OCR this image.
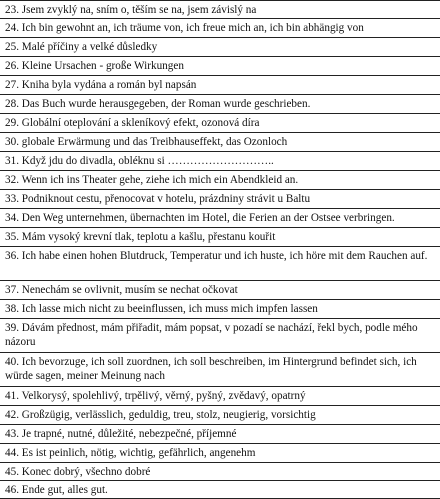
23. Jsem zvyklý na, sním o, těším se na, jsem závislý na
24. Ich bin gewohnt an, ich träume von, ich freue mich an, ich bin abhängig von
25. Malé příčiny a velké důsledky
26. Kleine Ursachen - große Wirkungen
27. Kniha byla vydána a román byl napsán
28. Das Buch wurde herausgegeben, der Roman wurde geschrieben.
29. Globální oteplování a skleníkový efekt, ozonová díra
30. globale Erwärmung und das Treibhauseffekt, das Ozonloch
31. Když jdu do divadla, obléknu si ………………………..
32. Wenn ich ins Theater gehe, ziehe ich mich ein Abendkleid an.
33. Podniknout cestu, přenocovat v hotelu, prázdniny strávit u Baltu
34. Den Weg unternehmen, übernachten im Hotel, die Ferien an der Ostsee verbringen.
35. Mám vysoký krevní tlak, teplotu a kašlu, přestanu kouřit
36. Ich habe einen hohen Blutdruck, Temperatur und ich huste, ich höre mit dem Rauchen auf.
37. Nenechám se ovlivnit, musím se nechat očkovat
38. Ich lasse mich nicht zu beeinflussen, ich muss mich impfen lassen
39. Dávám přednost, mám přiřadit, mám popsat, v pozadí se nachází, řekl bych, podle mého názoru
40. Ich bevorzuge, ich soll zuordnen, ich soll beschreiben, im Hintergrund befindet sich, ich würde sagen, meiner Meinung nach
41. Velkorysý, spolehlivý, trpělivý, věrný, pyšný, zvědavý, opatrný
42. Großzügig, verlässlich, geduldig, treu, stolz, neugierig, vorsichtig
43. Je trapné, nutné, důležité, nebezpečné, příjemné
44. Es ist peinlich, nötig, wichtig, gefährlich, angenehm
45. Konec dobrý, všechno dobré
46. Ende gut, alles gut.
